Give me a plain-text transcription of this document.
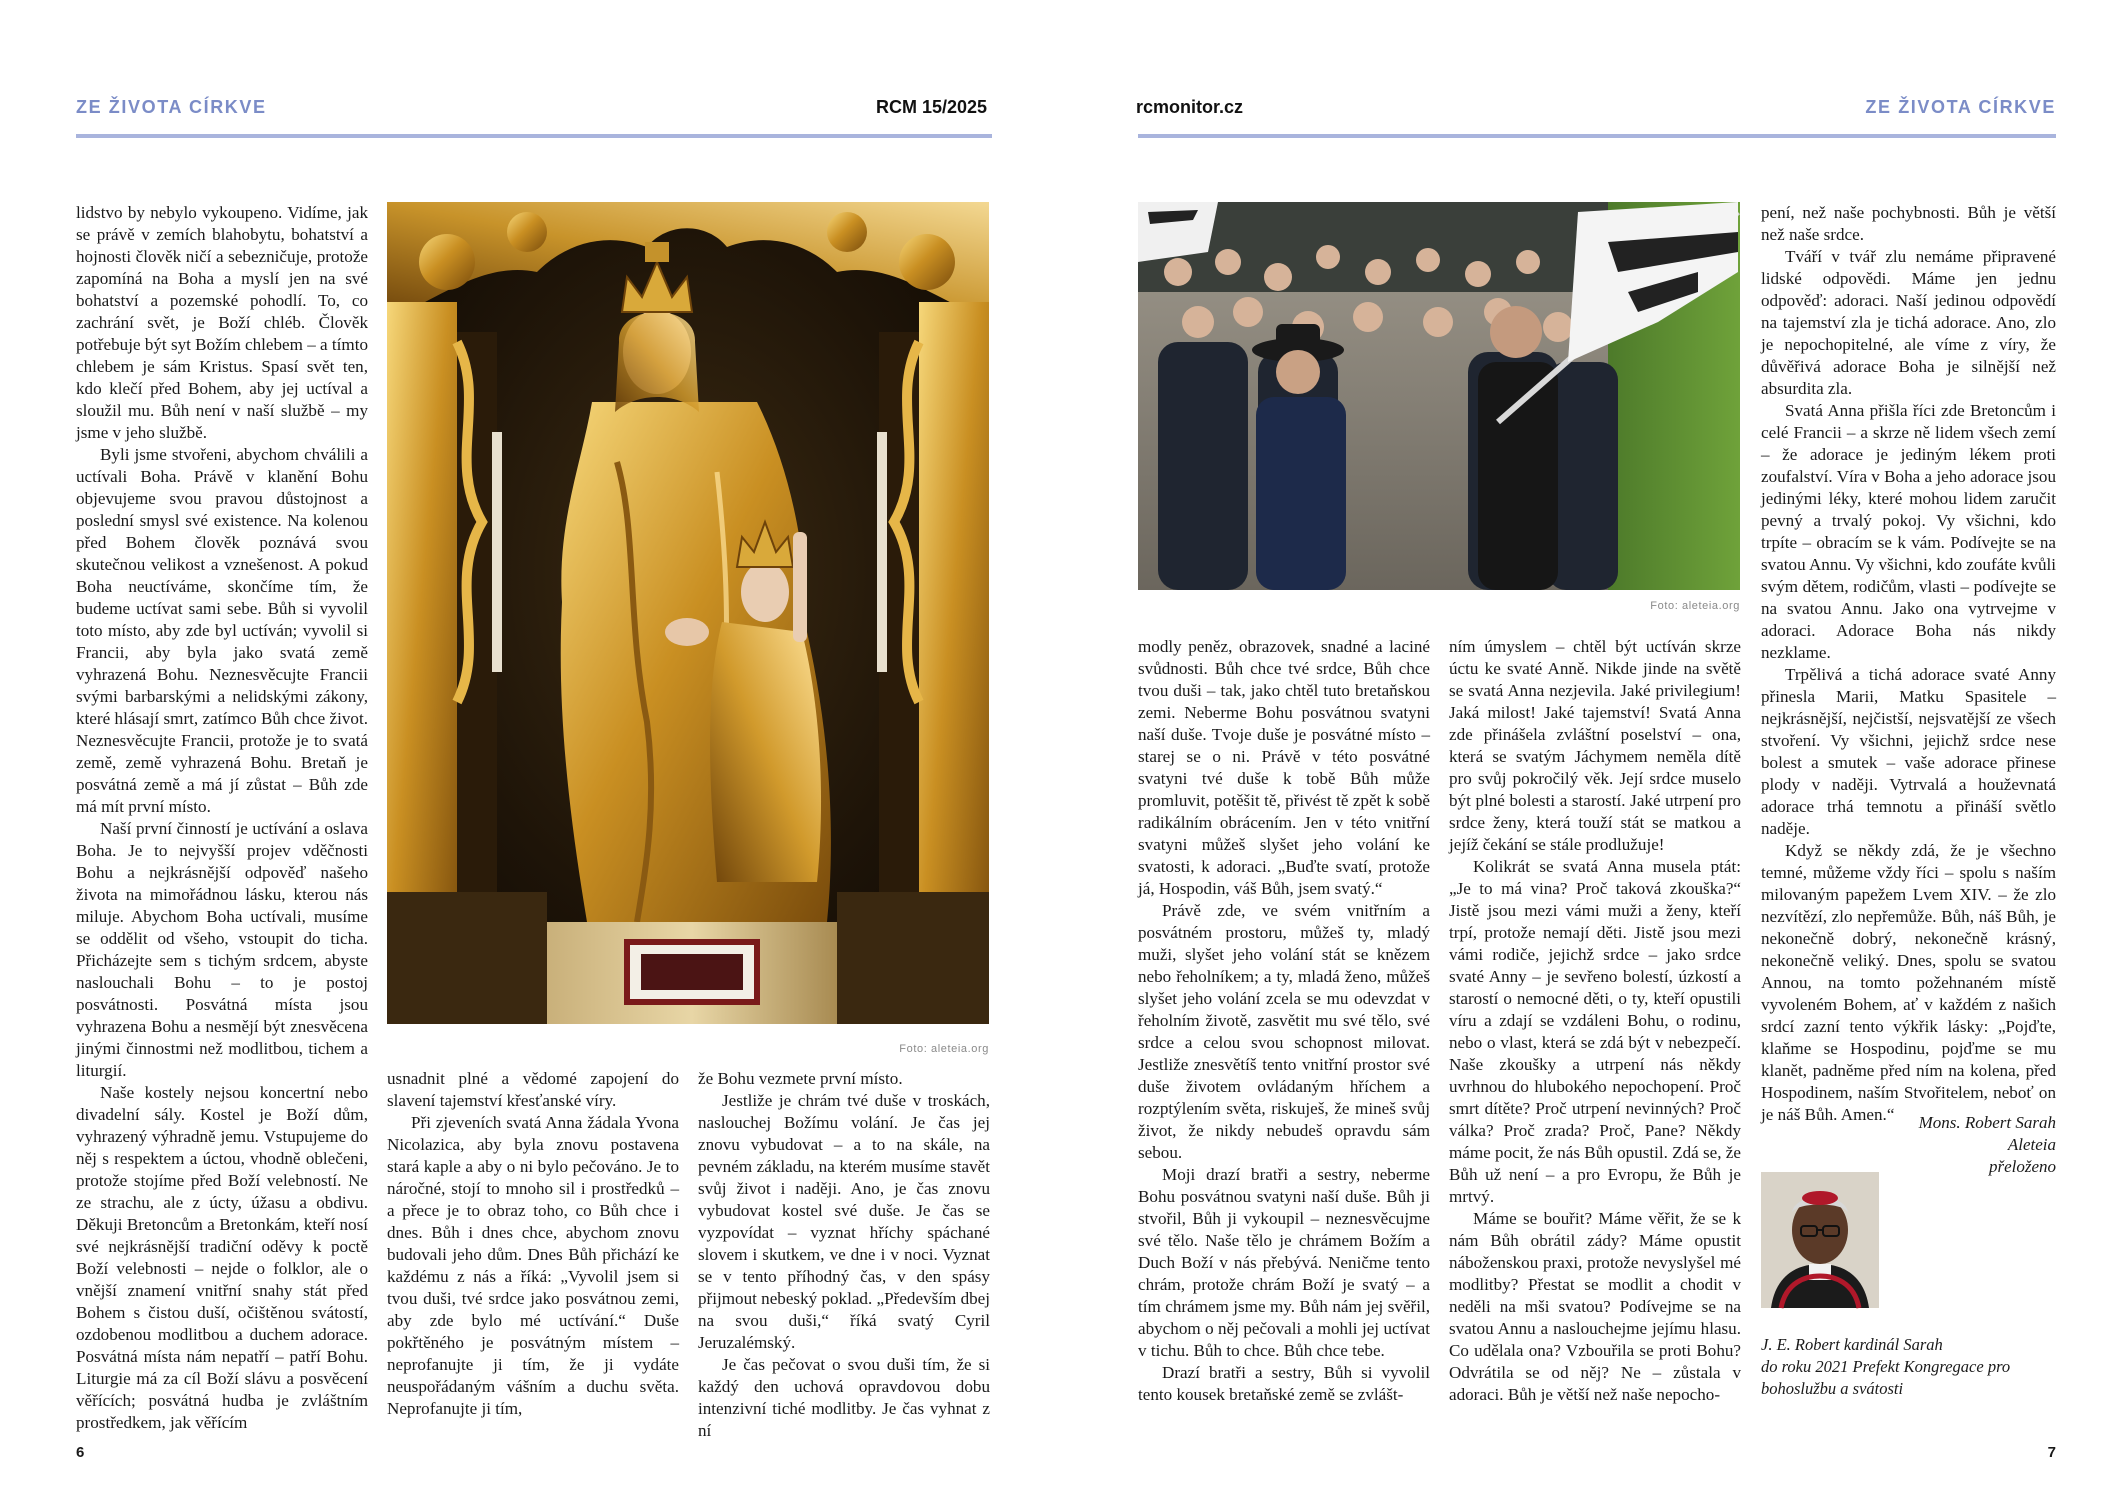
ZE ŽIVOTA CÍRKVE	RCM 15/2025	rcmonitor.cz	ZE ŽIVOTA CÍRKVE

lidstvo by nebylo vykoupeno. Vidíme, jak se právě v zemích blahobytu, bohatství a hojnosti člověk ničí a sebezničuje, protože zapomíná na Boha a myslí jen na své bohatství a pozemské pohodlí. To, co zachrání svět, je Boží chléb. Člověk potřebuje být syt Božím chlebem – a tímto chlebem je sám Kristus. Spasí svět ten, kdo klečí před Bohem, aby jej uctíval a sloužil mu. Bůh není v naší službě – my jsme v jeho službě.

Byli jsme stvořeni, abychom chválili a uctívali Boha. Právě v klanění Bohu objevujeme svou pravou důstojnost a poslední smysl své existence. Na kolenou před Bohem člověk poznává svou skutečnou velikost a vznešenost. A pokud Boha neuctíváme, skončíme tím, že budeme uctívat sami sebe. Bůh si vyvolil toto místo, aby zde byl uctíván; vyvolil si Francii, aby byla jako svatá země vyhrazená Bohu. Neznesvěcujte Francii svými barbarskými a nelidskými zákony, které hlásají smrt, zatímco Bůh chce život. Neznesvěcujte Francii, protože je to svatá země, země vyhrazená Bohu. Bretaň je posvátná země a má jí zůstat – Bůh zde má mít první místo.

Naší první činností je uctívání a oslava Boha. Je to nejvyšší projev vděčnosti Bohu a nejkrásnější odpověď našeho života na mimořádnou lásku, kterou nás miluje. Abychom Boha uctívali, musíme se oddělit od všeho, vstoupit do ticha. Přicházejte sem s tichým srdcem, abyste naslouchali Bohu – to je postoj posvátnosti. Posvátná místa jsou vyhrazena Bohu a nesmějí být znesvěcena jinými činnostmi než modlitbou, tichem a liturgií.

Naše kostely nejsou koncertní nebo divadelní sály. Kostel je Boží dům, vyhrazený výhradně jemu. Vstupujeme do něj s respektem a úctou, vhodně oblečeni, protože stojíme před Boží velebností. Ne ze strachu, ale z úcty, úžasu a obdivu. Děkuji Bretoncům a Bretonkám, kteří nosí své nejkrásnější tradiční oděvy k poctě Boží velebnosti – nejde o folklor, ale o vnější znamení vnitřní snahy stát před Bohem s čistou duší, očištěnou svátostí, ozdobenou modlitbou a duchem adorace. Posvátná místa nám nepatří – patří Bohu. Liturgie má za cíl Boží slávu a posvěcení věřících; posvátná hudba je zvláštním prostředkem, jak věřícím

Foto: aleteia.org

usnadnit plné a vědomé zapojení do slavení tajemství křesťanské víry.

Při zjeveních svatá Anna žádala Yvona Nicolazica, aby byla znovu postavena stará kaple a aby o ni bylo pečováno. Je to náročné, stojí to mnoho sil i prostředků – a přece je to obraz toho, co Bůh chce i dnes. Bůh i dnes chce, abychom znovu budovali jeho dům. Dnes Bůh přichází ke každému z nás a říká: „Vyvolil jsem si tvou duši, tvé srdce jako posvátnou zemi, aby zde bylo mé uctívání.“ Duše pokřtěného je posvátným místem – neprofanujte ji tím, že ji vydáte neuspořádaným vášním a duchu světa. Neprofanujte ji tím,

že Bohu vezmete první místo.

Jestliže je chrám tvé duše v troskách, naslouchej Božímu volání. Je čas jej znovu vybudovat – a to na skále, na pevném základu, na kterém musíme stavět svůj život i naději. Ano, je čas znovu vybudovat kostel své duše. Je čas se vyzpovídat – vyznat hříchy spáchané slovem i skutkem, ve dne i v noci. Vyznat se v tento příhodný čas, v den spásy přijmout nebeský poklad. „Především dbej na svou duši,“ říká svatý Cyril Jeruzalémský.

Je čas pečovat o svou duši tím, že si každý den uchová opravdovou dobu intenzivní tiché modlitby. Je čas vyhnat z ní

6
Foto: aleteia.org

modly peněz, obrazovek, snadné a laciné svůdnosti. Bůh chce tvé srdce, Bůh chce tvou duši – tak, jako chtěl tuto bretaňskou zemi. Neberme Bohu posvátnou svatyni naší duše. Tvoje duše je posvátné místo – starej se o ni. Právě v této posvátné svatyni tvé duše k tobě Bůh může promluvit, potěšit tě, přivést tě zpět k sobě radikálním obrácením. Jen v této vnitřní svatyni můžeš slyšet jeho volání ke svatosti, k adoraci. „Buďte svatí, protože já, Hospodin, váš Bůh, jsem svatý.“

Právě zde, ve svém vnitřním a posvátném prostoru, můžeš ty, mladý muži, slyšet jeho volání stát se knězem nebo řeholníkem; a ty, mladá ženo, můžeš slyšet jeho volání zcela se mu odevzdat v řeholním životě, zasvětit mu své tělo, své srdce a celou svou schopnost milovat. Jestliže znesvětíš tento vnitřní prostor své duše životem ovládaným hříchem a rozptýlením světa, riskuješ, že mineš svůj život, že nikdy nebudeš opravdu sám sebou.

Moji drazí bratři a sestry, neberme Bohu posvátnou svatyni naší duše. Bůh ji stvořil, Bůh ji vykoupil – neznesvěcujme své tělo. Naše tělo je chrámem Božím a Duch Boží v nás přebývá. Neničme tento chrám, protože chrám Boží je svatý – a tím chrámem jsme my. Bůh nám jej svěřil, abychom o něj pečovali a mohli jej uctívat v tichu. Bůh to chce. Bůh chce tebe.

Drazí bratři a sestry, Bůh si vyvolil tento kousek bretaňské země se zvlášt-

ním úmyslem – chtěl být uctíván skrze úctu ke svaté Anně. Nikde jinde na světě se svatá Anna nezjevila. Jaké privilegium! Jaká milost! Jaké tajemství! Svatá Anna zde přinášela zvláštní poselství – ona, která se svatým Jáchymem neměla dítě pro svůj pokročilý věk. Její srdce muselo být plné bolesti a starostí. Jaké utrpení pro srdce ženy, která touží stát se matkou a jejíž čekání se stále prodlužuje!

Kolikrát se svatá Anna musela ptát: „Je to má vina? Proč taková zkouška?“ Jistě jsou mezi vámi muži a ženy, kteří trpí, protože nemají děti. Jistě jsou mezi vámi rodiče, jejichž srdce – jako srdce svaté Anny – je sevřeno bolestí, úzkostí a starostí o nemocné děti, o ty, kteří opustili víru a zdají se vzdáleni Bohu, o rodinu, nebo o vlast, která se zdá být v nebezpečí. Naše zkoušky a utrpení nás někdy uvrhnou do hlubokého nepochopení. Proč smrt dítěte? Proč utrpení nevinných? Proč válka? Proč zrada? Proč, Pane? Někdy máme pocit, že nás Bůh opustil. Zdá se, že Bůh už není – a pro Evropu, že Bůh je mrtvý.

Máme se bouřit? Máme věřit, že se k nám Bůh obrátil zády? Máme opustit náboženskou praxi, protože nevyslyšel mé modlitby? Přestat se modlit a chodit v neděli na mši svatou? Podívejme se na svatou Annu a naslouchejme jejímu hlasu. Co udělala ona? Vzbouřila se proti Bohu? Odvrátila se od něj? Ne – zůstala v adoraci. Bůh je větší než naše nepocho-

pení, než naše pochybnosti. Bůh je větší než naše srdce.

Tváří v tvář zlu nemáme připravené lidské odpovědi. Máme jen jednu odpověď: adoraci. Naší jedinou odpovědí na tajemství zla je tichá adorace. Ano, zlo je nepochopitelné, ale víme z víry, že důvěřivá adorace Boha je silnější než absurdita zla.

Svatá Anna přišla říci zde Bretoncům i celé Francii – a skrze ně lidem všech zemí – že adorace je jediným lékem proti zoufalství. Víra v Boha a jeho adorace jsou jedinými léky, které mohou lidem zaručit pevný a trvalý pokoj. Vy všichni, kdo trpíte – obracím se k vám. Podívejte se na svatou Annu. Vy všichni, kdo zoufáte kvůli svým dětem, rodičům, vlasti – podívejte se na svatou Annu. Jako ona vytrvejme v adoraci. Adorace Boha nás nikdy nezklame.

Trpělivá a tichá adorace svaté Anny přinesla Marii, Matku Spasitele – nejkrásnější, nejčistší, nejsvatější ze všech stvoření. Vy všichni, jejichž srdce nese bolest a smutek – vaše adorace přinese plody v naději. Vytrvalá a houževnatá adorace trhá temnotu a přináší světlo naděje.

Když se někdy zdá, že je všechno temné, můžeme vždy říci – spolu s naším milovaným papežem Lvem XIV. – že zlo nezvítězí, zlo nepřemůže. Bůh, náš Bůh, je nekonečně dobrý, nekonečně krásný, nekonečně veliký. Dnes, spolu se svatou Annou, na tomto požehnaném místě vyvoleném Bohem, ať v každém z našich srdcí zazní tento výkřik lásky: „Pojďte, klaňme se Hospodinu, pojďme se mu klanět, padněme před ním na kolena, před Hospodinem, naším Stvořitelem, neboť on je náš Bůh. Amen.“	Mons. Robert Sarah
Aleteia
přeloženo
J. E. Robert kardinál Sarah
do roku 2021 Prefekt Kongregace pro
bohoslužbu a svátosti
7
